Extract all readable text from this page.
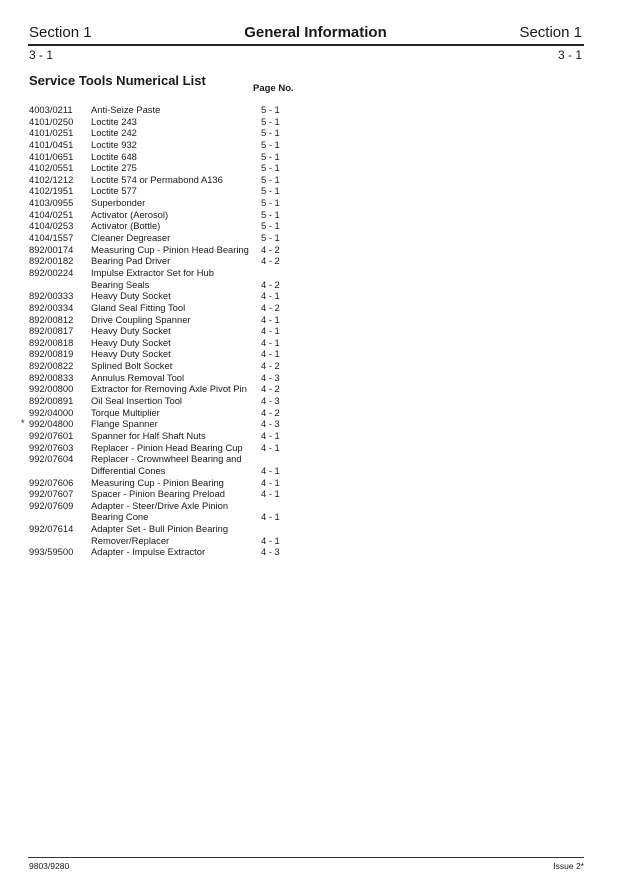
Section 1	General Information	Section 1
3 - 1	3 - 1
Service Tools Numerical List
Page No.
4003/0211 Anti-Seize Paste	5 - 1
4101/0250 Loctite 243	5 - 1
4101/0251 Loctite 242	5 - 1
4101/0451 Loctite 932	5 - 1
4101/0651 Loctite 648	5 - 1
4102/0551 Loctite 275	5 - 1
4102/1212 Loctite 574 or Permabond A136	5 - 1
4102/1951 Loctite 577	5 - 1
4103/0955 Superbonder	5 - 1
4104/0251 Activator (Aerosol)	5 - 1
4104/0253 Activator (Bottle)	5 - 1
4104/1557 Cleaner Degreaser	5 - 1
892/00174 Measuring Cup - Pinion Head Bearing 4 - 2
892/00182 Bearing Pad Driver	4 - 2
892/00224 Impulse Extractor Set for Hub
Bearing Seals	4 - 2
892/00333 Heavy Duty Socket	4 - 1
892/00334 Gland Seal Fitting Tool	4 - 2
892/00812 Drive Coupling Spanner	4 - 1
892/00817 Heavy Duty Socket	4 - 1
892/00818 Heavy Duty Socket	4 - 1
892/00819 Heavy Duty Socket	4 - 1
892/00822 Splined Bolt Socket	4 - 2
892/00833 Annulus Removal Tool	4 - 3
992/00800 Extractor for Removing Axle Pivot Pin 4 - 2
892/00891 Oil Seal Insertion Tool	4 - 3
992/04000 Torque Multiplier	4 - 2
* 992/04800 Flange Spanner	4 - 3
992/07601 Spanner for Half Shaft Nuts	4 - 1
992/07603 Replacer - Pinion Head Bearing Cup 4 - 1
992/07604 Replacer - Crownwheel Bearing and
Differential Cones	4 - 1
992/07606 Measuring Cup - Pinion Bearing	4 - 1
992/07607 Spacer - Pinion Bearing Preload	4 - 1
992/07609 Adapter - Steer/Drive Axle Pinion
Bearing Cone	4 - 1
992/07614 Adapter Set - Bull Pinion Bearing
Remover/Replacer	4 - 1
993/59500 Adapter - Impulse Extractor	4 - 3
9803/9280	Issue 2*
